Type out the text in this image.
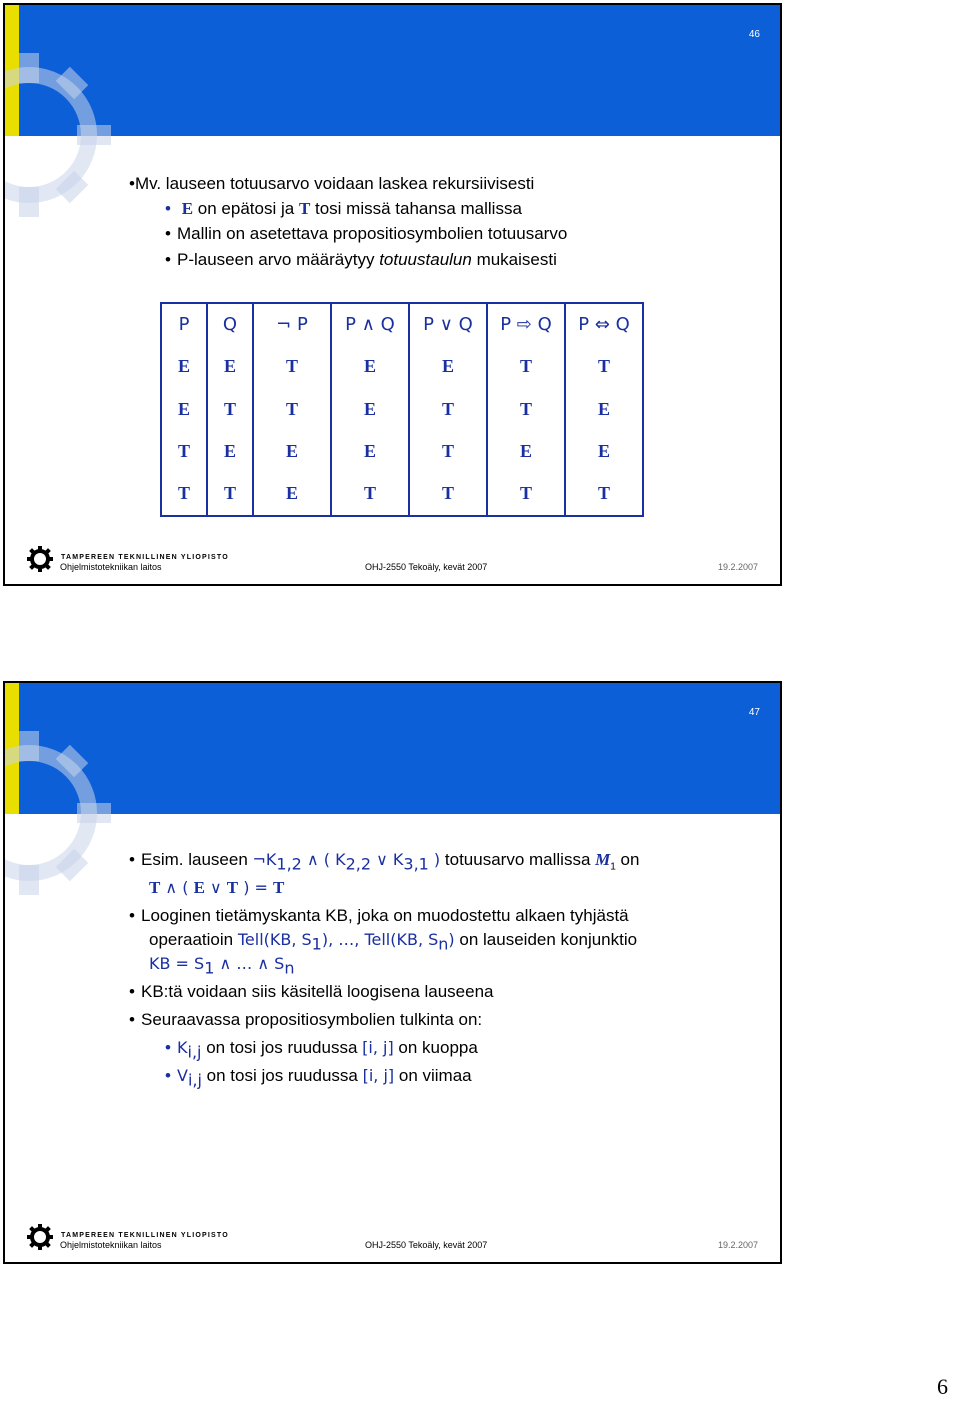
46
•Mv. lauseen totuusarvo voidaan laskea rekursiivisesti
• E on epätosi ja T tosi missä tahansa mallissa
• Mallin on asetettava propositiosymbolien totuusarvo
• P-lauseen arvo määräytyy totuustaulun mukaisesti
P	Q	¬ P	P ∧ Q	P ∨ Q	P ⇨ Q	P ⇔ Q
E	E	T	E	E	T	T
E	T	T	E	T	T	E
T	E	E	E	T	E	E
T	T	E	T	T	T	T
TAMPEREEN TEKNILLINEN YLIOPISTO
Ohjelmistotekniikan laitos	OHJ-2550 Tekoäly, kevät 2007	19.2.2007
47
• Esim. lauseen $\neg K_{1,2}$ ∧ ( $K_{2,2}$ ∨ $K_{3,1}$ ) totuusarvo mallissa $M_1$ on
T ∧ ( E ∨ T ) = T
• Looginen tietämyskanta KB, joka on muodostettu alkaen tyhjästä
operaatioin Tell(KB, $S_1$), …, Tell(KB, $S_n$) on lauseiden konjunktio
KB = $S_1$ ∧ … ∧ $S_n$
• KB:tä voidaan siis käsitellä loogisena lauseena
• Seuraavassa propositiosymbolien tulkinta on:
• $K_{i,j}$ on tosi jos ruudussa [i, j] on kuoppa
• $V_{i,j}$ on tosi jos ruudussa [i, j] on viimaa
TAMPEREEN TEKNILLINEN YLIOPISTO
Ohjelmistotekniikan laitos	OHJ-2550 Tekoäly, kevät 2007	19.2.2007
6
